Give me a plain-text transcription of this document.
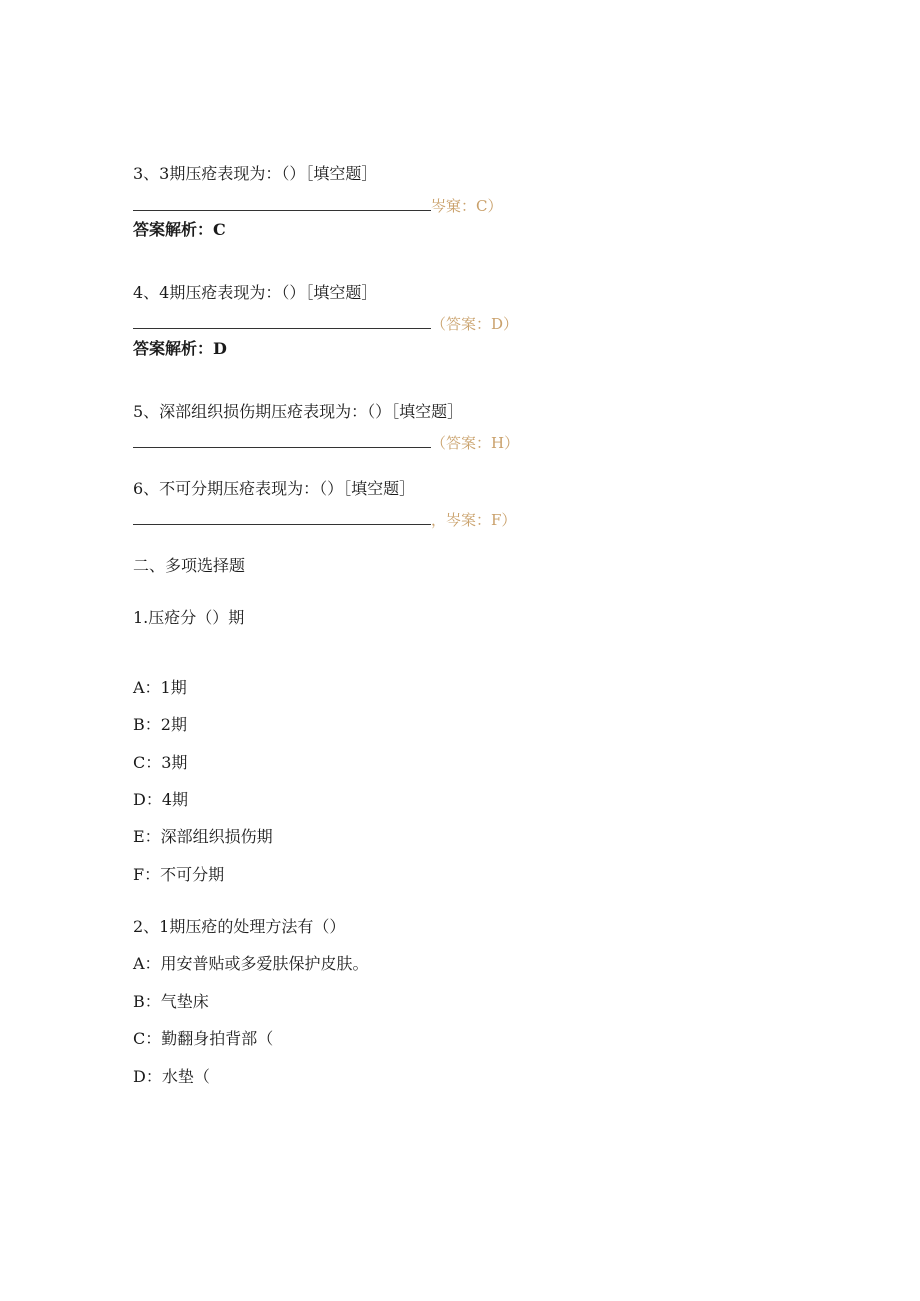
3、3期压疮表现为：（）［填空题］
岑窠：C）
答案解析：C
4、4期压疮表现为：（）［填空题］
（答案：D）
答案解析：D
5、深部组织损伤期压疮表现为：（）［填空题］
（答案：H）
6、不可分期压疮表现为：（）［填空题］
，岑案：F）
二、多项选择题
1.压疮分（）期
A：1期
B：2期
C：3期
D：4期
E：深部组织损伤期
F：不可分期
2、1期压疮的处理方法有（）
A：用安普贴或多爱肤保护皮肤。
B：气垫床
C：勤翻身拍背部（
D：水垫（
